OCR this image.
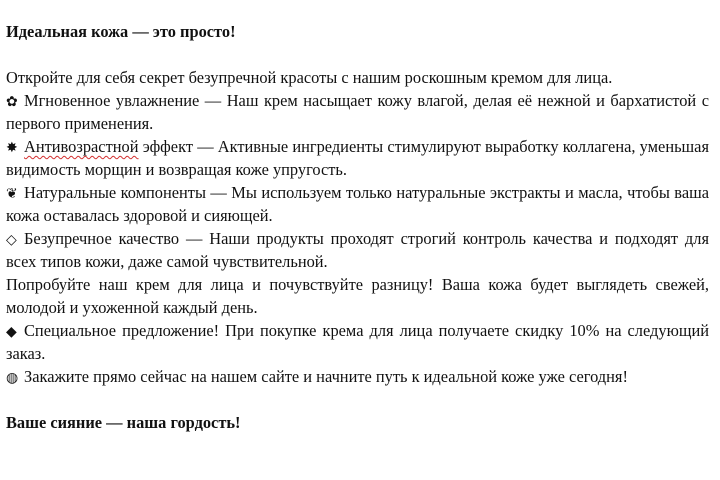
Идеальная кожа — это просто!

Откройте для себя секрет безупречной красоты с нашим роскошным кремом для лица.

✿ Мгновенное увлажнение — Наш крем насыщает кожу влагой, делая её нежной и бархатистой с первого применения.

✸ Антивозрастной эффект — Активные ингредиенты стимулируют выработку коллагена, уменьшая видимость морщин и возвращая коже упругость.

❦ Натуральные компоненты — Мы используем только натуральные экстракты и масла, чтобы ваша кожа оставалась здоровой и сияющей.

◇ Безупречное качество — Наши продукты проходят строгий контроль качества и подходят для всех типов кожи, даже самой чувствительной.

Попробуйте наш крем для лица и почувствуйте разницу! Ваша кожа будет выглядеть свежей, молодой и ухоженной каждый день.

◆ Специальное предложение! При покупке крема для лица получаете скидку 10% на следующий заказ.

◍ Закажите прямо сейчас на нашем сайте и начните путь к идеальной коже уже сегодня!

Ваше сияние — наша гордость!
